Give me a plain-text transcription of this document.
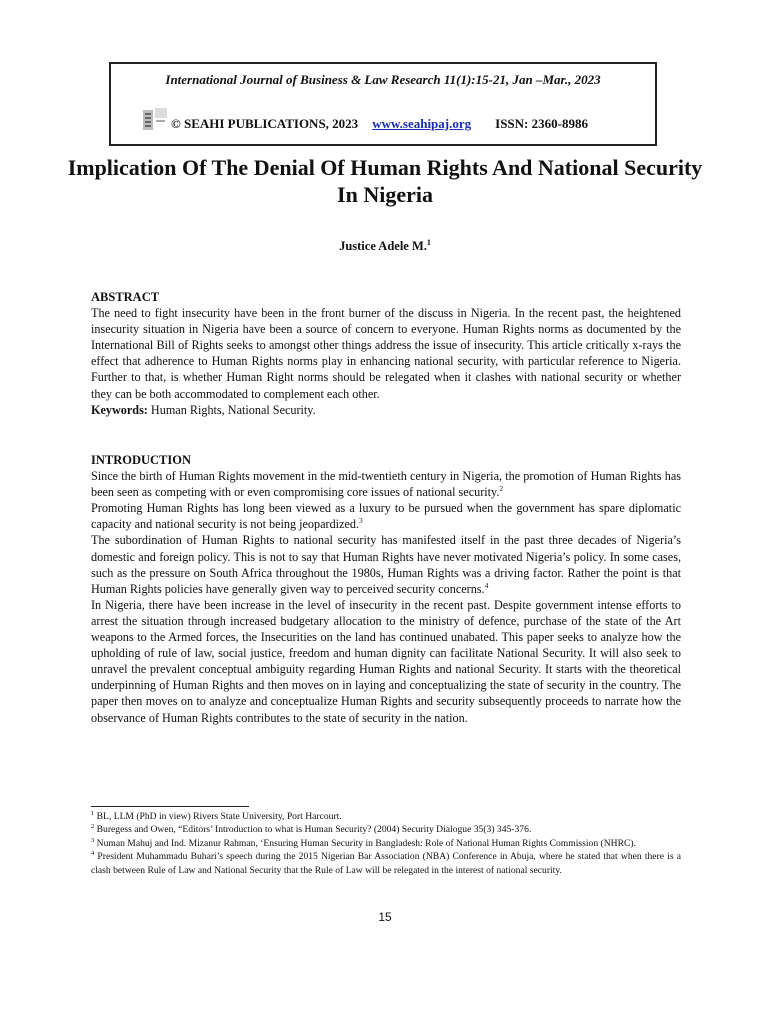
International Journal of Business & Law Research 11(1):15-21, Jan –Mar., 2023
© SEAHI PUBLICATIONS, 2023 www.seahipaj.org ISSN: 2360-8986
Implication Of The Denial Of Human Rights And National Security In Nigeria
Justice Adele M.$^1$

ABSTRACT

The need to fight insecurity have been in the front burner of the discuss in Nigeria. In the recent past, the heightened insecurity situation in Nigeria have been a source of concern to everyone. Human Rights norms as documented by the International Bill of Rights seeks to amongst other things address the issue of insecurity. This article critically x-rays the effect that adherence to Human Rights norms play in enhancing national security, with particular reference to Nigeria. Further to that, is whether Human Right norms should be relegated when it clashes with national security or whether they can be both accommodated to complement each other.

Keywords: Human Rights, National Security.

INTRODUCTION

Since the birth of Human Rights movement in the mid-twentieth century in Nigeria, the promotion of Human Rights has been seen as competing with or even compromising core issues of national security.$^2$

Promoting Human Rights has long been viewed as a luxury to be pursued when the government has spare diplomatic capacity and national security is not being jeopardized.$^3$

The subordination of Human Rights to national security has manifested itself in the past three decades of Nigeria’s domestic and foreign policy. This is not to say that Human Rights have never motivated Nigeria’s policy. In some cases, such as the pressure on South Africa throughout the 1980s, Human Rights was a driving factor. Rather the point is that Human Rights policies have generally given way to perceived security concerns.$^4$

In Nigeria, there have been increase in the level of insecurity in the recent past. Despite government intense efforts to arrest the situation through increased budgetary allocation to the ministry of defence, purchase of the state of the Art weapons to the Armed forces, the Insecurities on the land has continued unabated. This paper seeks to analyze how the upholding of rule of law, social justice, freedom and human dignity can facilitate National Security. It will also seek to unravel the prevalent conceptual ambiguity regarding Human Rights and national Security. It starts with the theoretical underpinning of Human Rights and then moves on in laying and conceptualizing the state of security in the country. The paper then moves on to analyze and conceptualize Human Rights and security subsequently proceeds to narrate how the observance of Human Rights contributes to the state of security in the nation.

$^1$ BL, LLM (PhD in view) Rivers State University, Port Harcourt.

$^2$ Buregess and Owen, “Editors’ Introduction to what is Human Security? (2004) Security Dialogue 35(3) 345-376.

$^3$ Numan Mahuj and Ind. Mizanur Rahman, ‘Ensuring Human Security in Bangladesh: Role of National Human Rights Commission (NHRC).

$^4$ President Muhammadu Buhari’s speech during the 2015 Nigerian Bar Association (NBA) Conference in Abuja, where he stated that when there is a clash between Rule of Law and National Security that the Rule of Law will be relegated in the interest of national security.

15
